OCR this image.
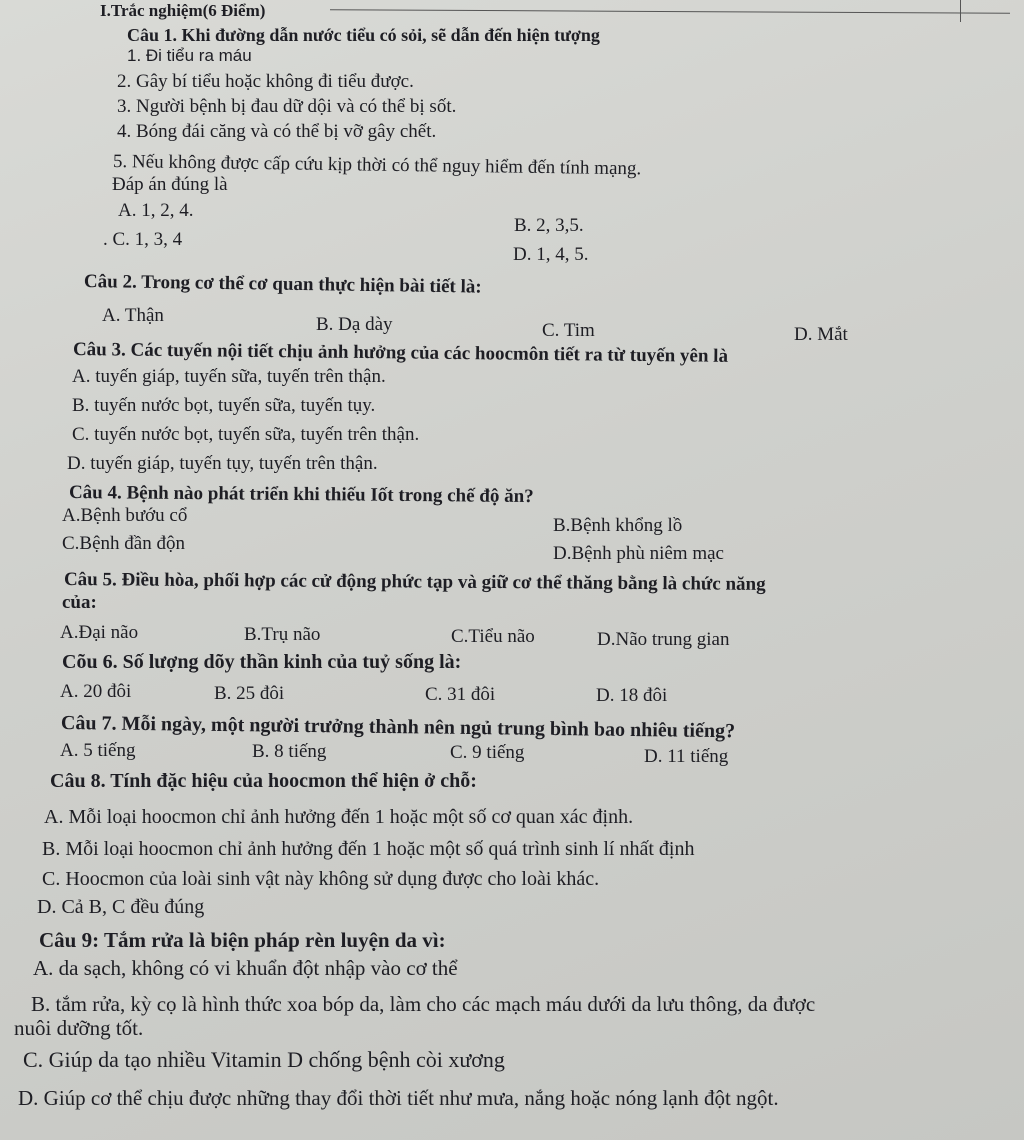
I.Trắc nghiệm(6 Điểm)
Câu 1. Khi đường dẫn nước tiểu có sỏi, sẽ dẫn đến hiện tượng
1. Đi tiểu ra máu
2. Gây bí tiểu hoặc không đi tiểu được.
3. Người bệnh bị đau dữ dội và có thể bị sốt.
4. Bóng đái căng và có thể bị vỡ gây chết.
5. Nếu không được cấp cứu kịp thời có thể nguy hiểm đến tính mạng.
Đáp án đúng là
A. 1, 2, 4.
B. 2, 3,5.
. C. 1, 3, 4
D. 1, 4, 5.
Câu 2. Trong cơ thể cơ quan thực hiện bài tiết là:
A. Thận	B. Dạ dày	C. Tim	D. Mắt
Câu 3. Các tuyến nội tiết chịu ảnh hưởng của các hoocmôn tiết ra từ tuyến yên là
A. tuyến giáp, tuyến sữa, tuyến trên thận.
B. tuyến nước bọt, tuyến sữa, tuyến tụy.
C. tuyến nước bọt, tuyến sữa, tuyến trên thận.
D. tuyến giáp, tuyến tụy, tuyến trên thận.
Câu 4. Bệnh nào phát triển khi thiếu Iốt trong chế độ ăn?
A.Bệnh bướu cổ	B.Bệnh khổng lồ
C.Bệnh đần độn	D.Bệnh phù niêm mạc
Câu 5. Điều hòa, phối hợp các cử động phức tạp và giữ cơ thể thăng bằng là chức năng
của:
A.Đại não	B.Trụ não	C.Tiểu não	D.Não trung gian
Cõu 6. Số lượng dõy thần kinh của tuỷ sống là:
A. 20 đôi	B. 25 đôi	C. 31 đôi	D. 18 đôi
Câu 7. Mỗi ngày, một người trưởng thành nên ngủ trung bình bao nhiêu tiếng?
A. 5 tiếng	B. 8 tiếng	C. 9 tiếng	D. 11 tiếng
Câu 8. Tính đặc hiệu của hoocmon thể hiện ở chỗ:
A. Mỗi loại hoocmon chỉ ảnh hưởng đến 1 hoặc một số cơ quan xác định.
B. Mỗi loại hoocmon chỉ ảnh hưởng đến 1 hoặc một số quá trình sinh lí nhất định
C. Hoocmon của loài sinh vật này không sử dụng được cho loài khác.
D. Cả B, C đều đúng
Câu 9: Tắm rửa là biện pháp rèn luyện da vì:
A. da sạch, không có vi khuẩn đột nhập vào cơ thể
B. tắm rửa, kỳ cọ là hình thức xoa bóp da, làm cho các mạch máu dưới da lưu thông, da được
nuôi dưỡng tốt.
C. Giúp da tạo nhiều Vitamin D chống bệnh còi xương
D. Giúp cơ thể chịu được những thay đổi thời tiết như mưa, nắng hoặc nóng lạnh đột ngột.
